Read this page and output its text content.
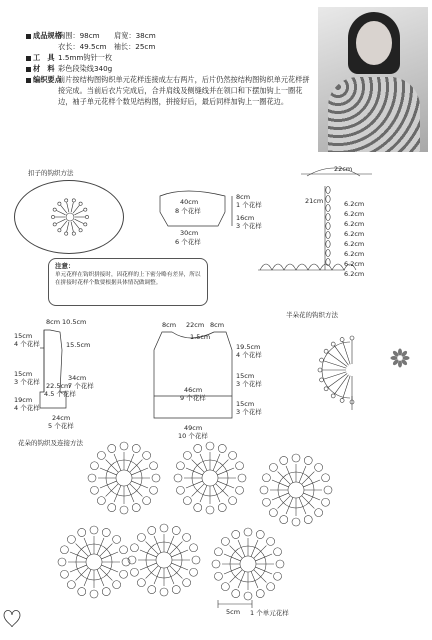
成品规格
胸围：98cm　　肩宽：38cm
衣长：49.5cm　袖长：25cm
工　具 1.5mm钩针一枚
材　料 彩色段染线340g
编织要点
前片按结构图钩织单元花样连接成左右两片，后片仍然按结构图钩织单元花样拼接完成。当前后衣片完成后，合并肩线及侧缝线并在领口和下摆加钩上一圈花边，袖子单元花样个数见结构图，拼接好后，最后同样加钩上一圈花边。
扣子的钩织方法
40cm
8 个花样
8cm
1 个花样
16cm
3 个花样
30cm
6 个花样
22cm
21cm	6.2cm
6.2cm
6.2cm
6.2cm
6.2cm
6.2cm
6.2cm
6.2cm
注意：
单元花样在钩织拼接时，因花样的上下密分略有差异，所以在拼接时花样个数要根据具体情况做调整。
8cm 10.5cm
15cm
4 个花样	15.5cm
15cm
3 个花样	34cm
7 个花样
19cm
4 个花样
22.5cm
4.5 个花样
24cm
5 个花样
8cm 22cm 8cm
1.5cm
19.5cm
4 个花样
15cm
3 个花样
15cm
3 个花样
46cm
9 个花样
49cm
10 个花样
半朵花的钩织方法
花朵的钩织及连接方法
5cm 1 个单元花样
